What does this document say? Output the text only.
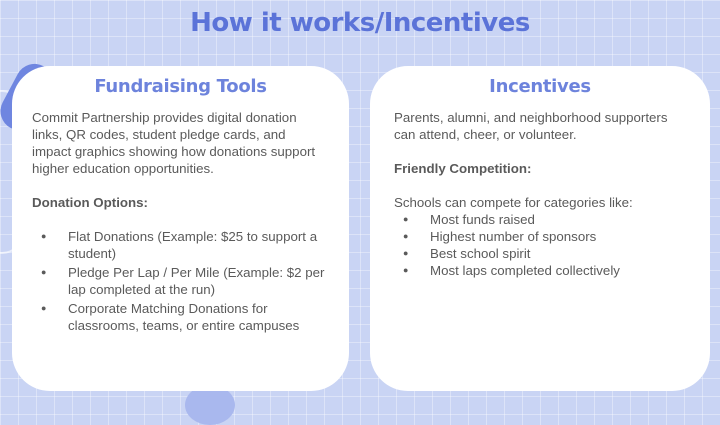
How it works/Incentives
Fundraising Tools
Commit Partnership provides digital donation links, QR codes, student pledge cards, and impact graphics showing how donations support higher education opportunities.
Donation Options:
● Flat Donations (Example: $25 to support a student)
● Pledge Per Lap / Per Mile (Example: $2 per lap completed at the run)
● Corporate Matching Donations for classrooms, teams, or entire campuses
Incentives
Parents, alumni, and neighborhood supporters can attend, cheer, or volunteer.
Friendly Competition:
Schools can compete for categories like:
● Most funds raised
● Highest number of sponsors
● Best school spirit
● Most laps completed collectively
